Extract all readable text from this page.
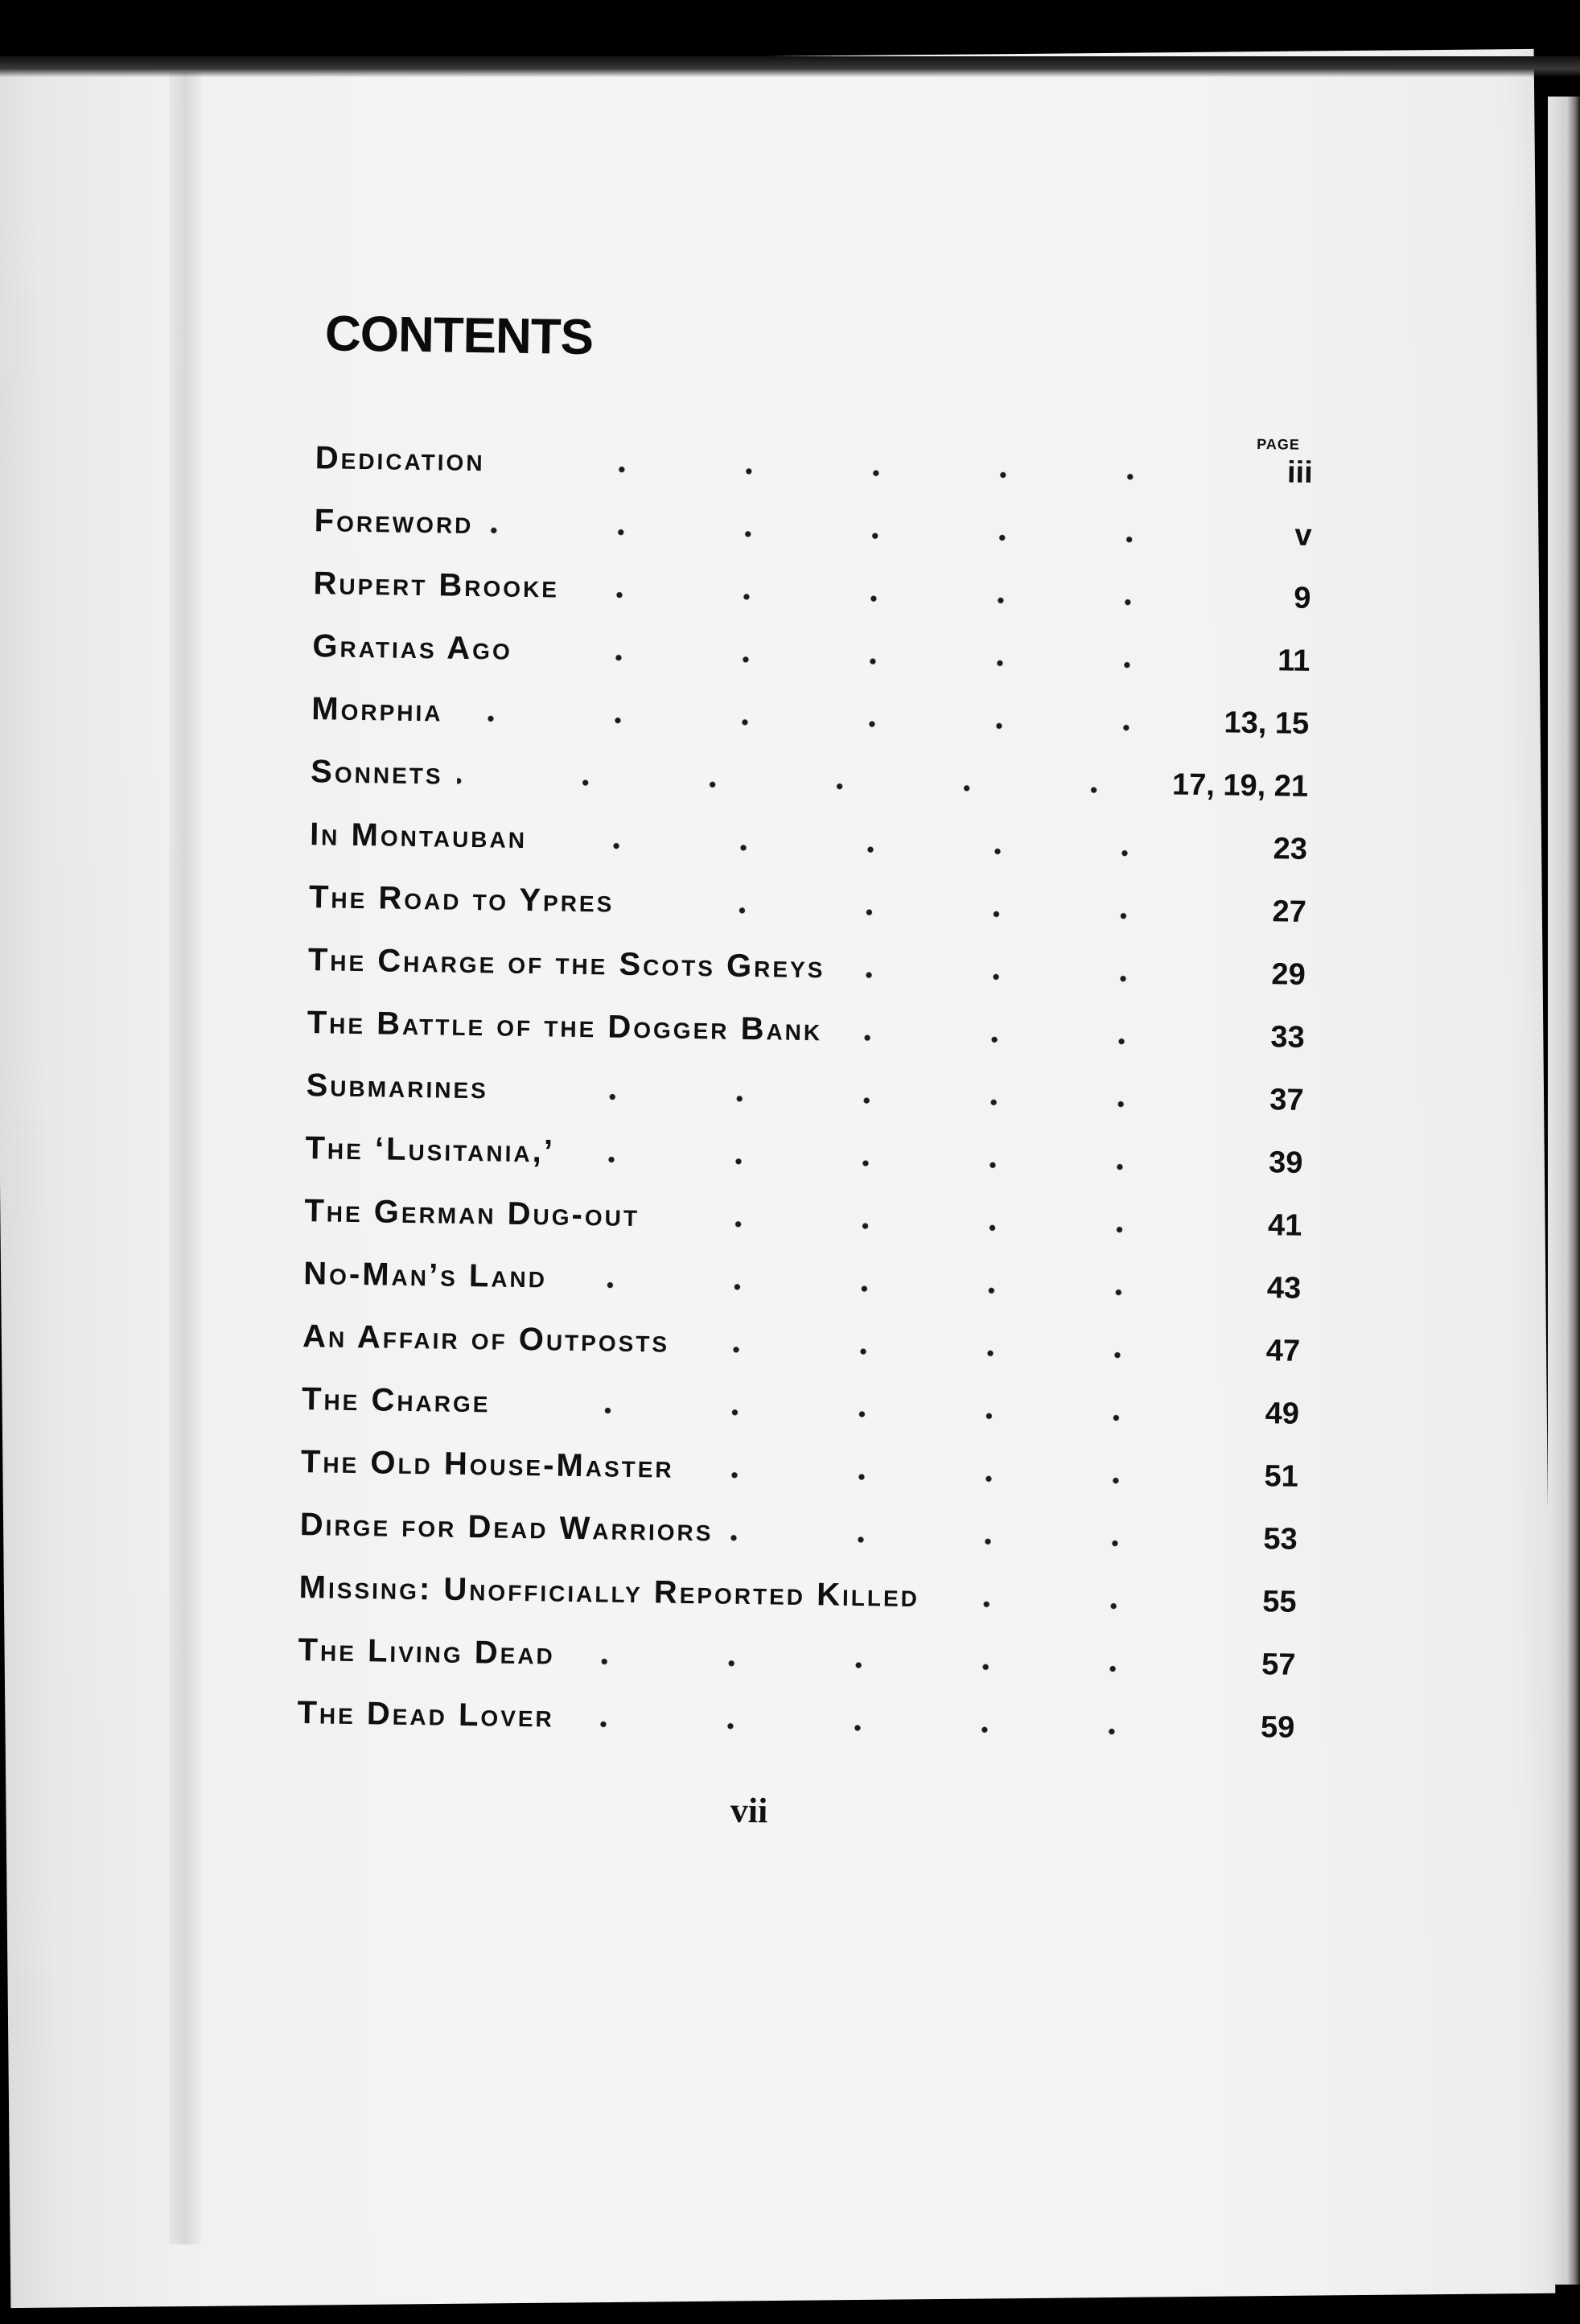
CONTENTS
PAGE
Dedication	iii
Foreword	v
Rupert Brooke	9
Gratias Ago	11
Morphia	13, 15
Sonnets	17, 19, 21
In Montauban	23
The Road to Ypres	27
The Charge of the Scots Greys	29
The Battle of the Dogger Bank	33
Submarines	37
The ‘Lusitania,’	39
The German Dug-out	41
No-Man’s Land	43
An Affair of Outposts	47
The Charge	49
The Old House-Master	51
Dirge for Dead Warriors	53
Missing: Unofficially Reported Killed	55
The Living Dead	57
The Dead Lover	59
vii
